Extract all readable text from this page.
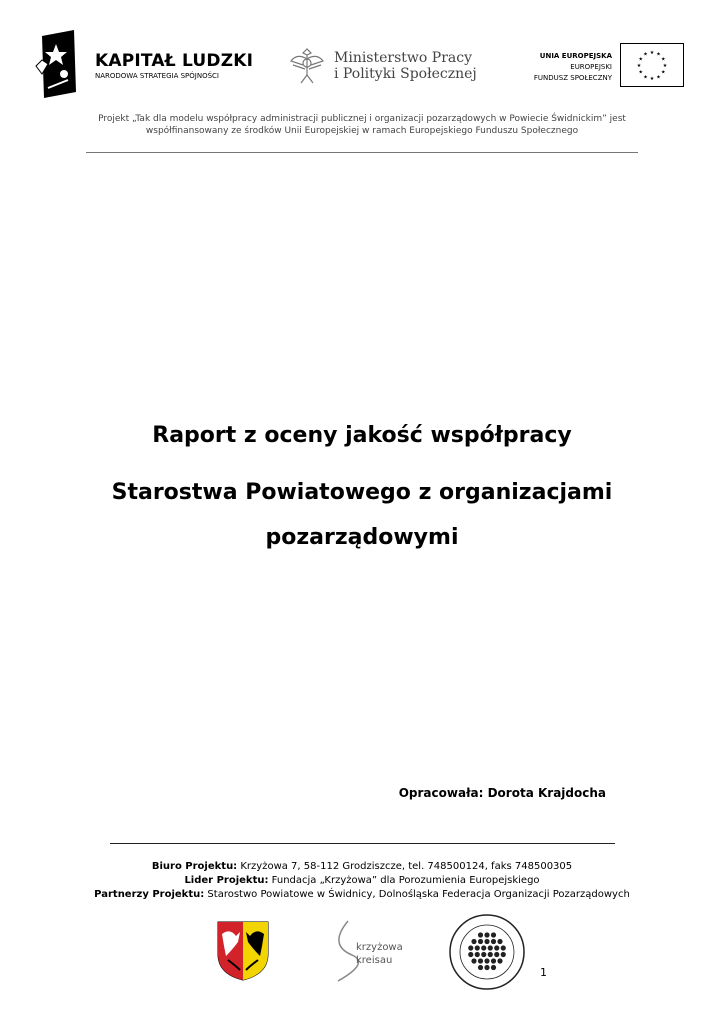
KAPITAŁ LUDZKI
NARODOWA STRATEGIA SPÓJNOŚCI
Ministerstwo Pracy
i Polityki Społecznej
UNIA EUROPEJSKA
EUROPEJSKI
FUNDUSZ SPOŁECZNY
★
★
★
★
★
★
★
★
★ ★ ★
★
Projekt „Tak dla modelu współpracy administracji publicznej i organizacji pozarządowych w Powiecie Świdnickim” jest współfinansowany ze środków Unii Europejskiej w ramach Europejskiego Funduszu Społecznego
Raport z oceny jakość współpracy
Starostwa Powiatowego z organizacjami
pozarządowymi
Opracowała: Dorota Krajdocha
Biuro Projektu: Krzyżowa 7, 58-112 Grodziszcze, tel. 748500124, faks 748500305
Lider Projektu: Fundacja „Krzyżowa” dla Porozumienia Europejskiego
Partnerzy Projektu: Starostwo Powiatowe w Świdnicy, Dolnośląska Federacja Organizacji Pozarządowych
krzyżowa
kreisau
1
